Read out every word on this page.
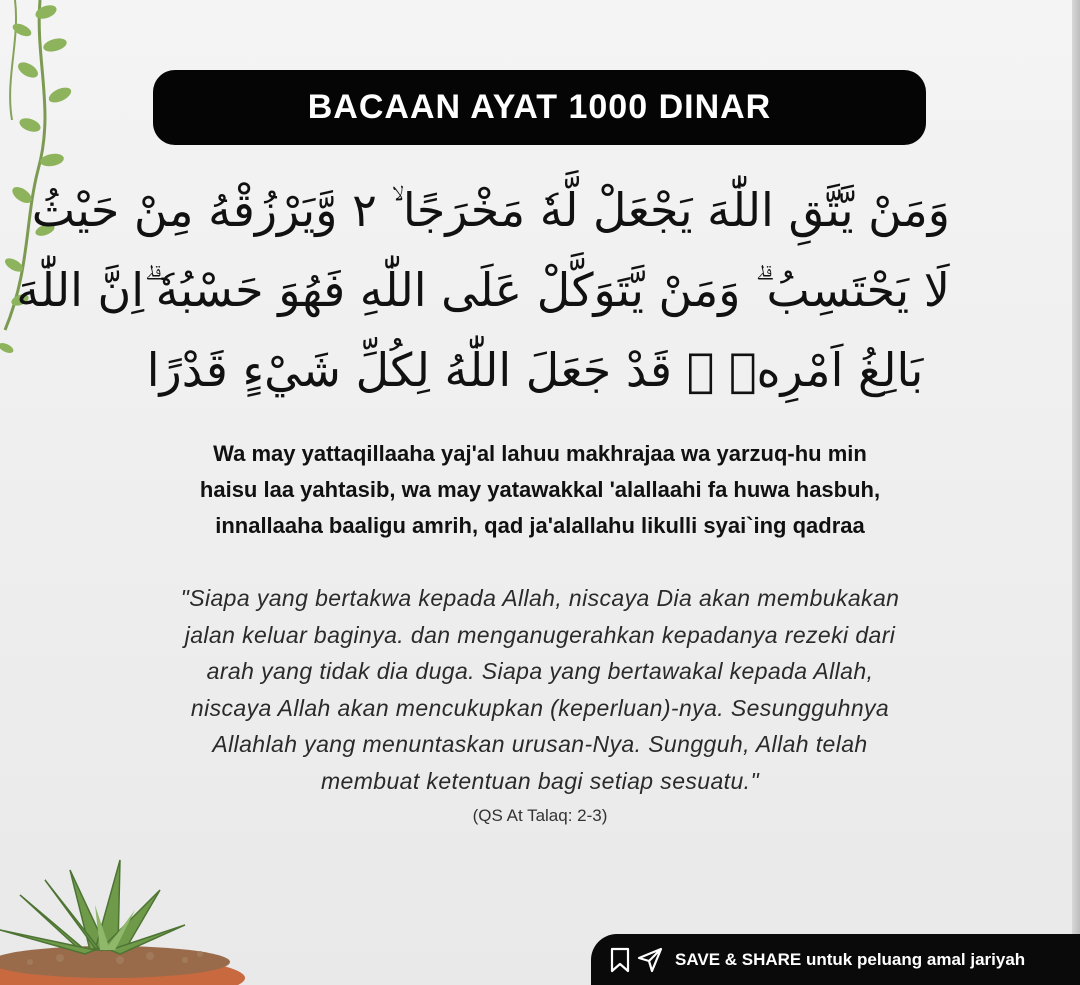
BACAAN AYAT 1000 DINAR
وَمَنْ يَّتَّقِ اللّٰهَ يَجْعَلْ لَّهٗ مَخْرَجًا ۙ ٢ وَّيَرْزُقْهُ مِنْ حَيْثُ
لَا يَحْتَسِبُ ۗ وَمَنْ يَّتَوَكَّلْ عَلَى اللّٰهِ فَهُوَ حَسْبُهٗ ۗاِنَّ اللّٰهَ
بَالِغُ اَمْرِهٖ ۗ قَدْ جَعَلَ اللّٰهُ لِكُلِّ شَيْءٍ قَدْرًا
Wa may yattaqillaaha yaj'al lahuu makhrajaa wa yarzuq-hu min
haisu laa yahtasib, wa may yatawakkal 'alallaahi fa huwa hasbuh,
innallaaha baaligu amrih, qad ja'alallahu likulli syai`ing qadraa
"Siapa yang bertakwa kepada Allah, niscaya Dia akan membukakan
jalan keluar baginya. dan menganugerahkan kepadanya rezeki dari
arah yang tidak dia duga. Siapa yang bertawakal kepada Allah,
niscaya Allah akan mencukupkan (keperluan)-nya. Sesungguhnya
Allahlah yang menuntaskan urusan-Nya. Sungguh, Allah telah
membuat ketentuan bagi setiap sesuatu."
(QS At Talaq: 2-3)
SAVE & SHARE untuk peluang amal jariyah
